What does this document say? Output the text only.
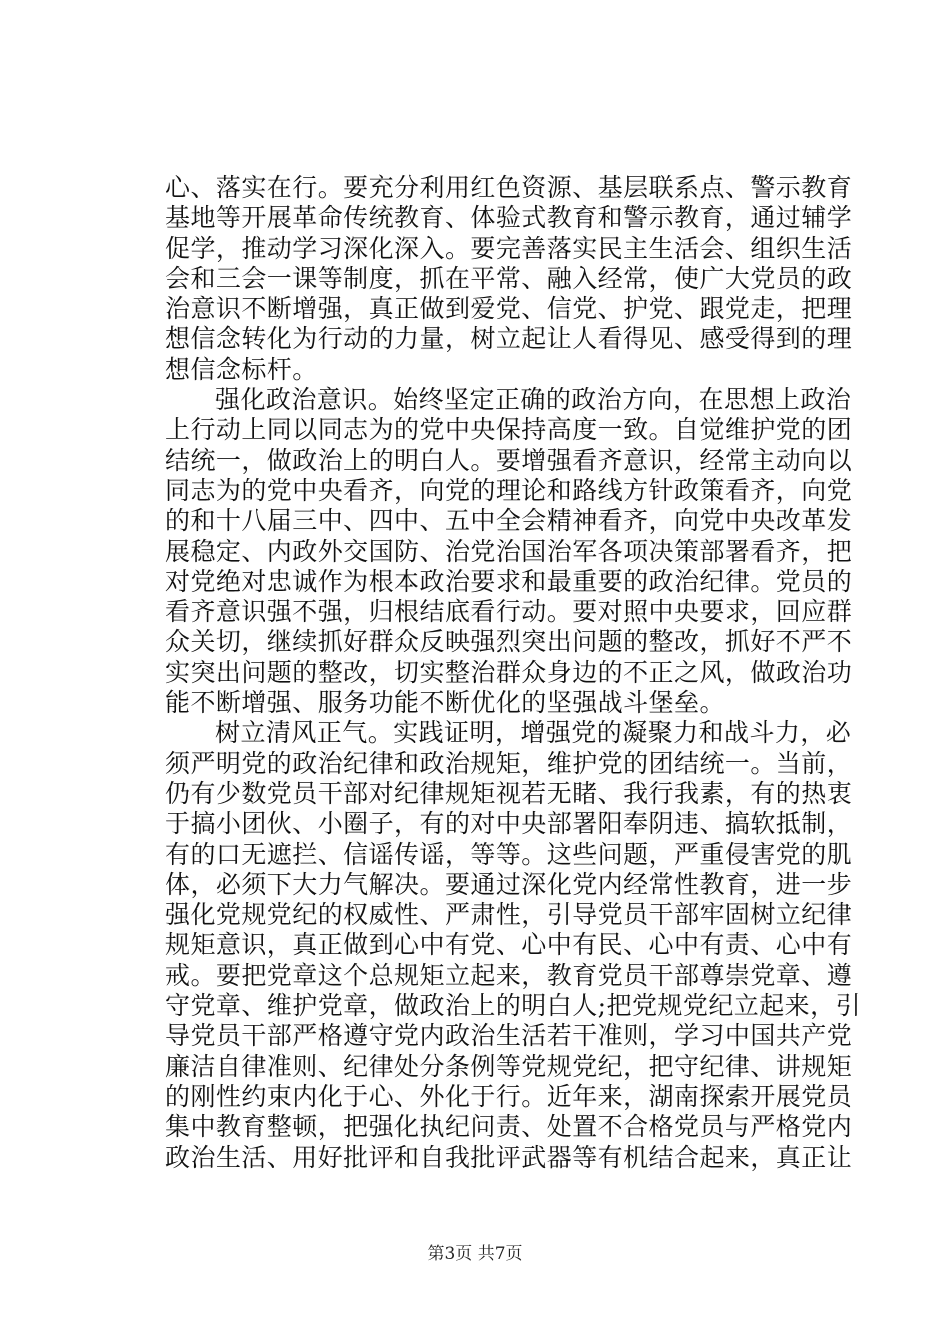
心、落实在行。要充分利用红色资源、基层联系点、警示教育
基地等开展革命传统教育、体验式教育和警示教育，通过辅学
促学，推动学习深化深入。要完善落实民主生活会、组织生活
会和三会一课等制度，抓在平常、融入经常，使广大党员的政
治意识不断增强，真正做到爱党、信党、护党、跟党走，把理
想信念转化为行动的力量，树立起让人看得见、感受得到的理
想信念标杆。
强化政治意识。始终坚定正确的政治方向，在思想上政治
上行动上同以同志为的党中央保持高度一致。自觉维护党的团
结统一，做政治上的明白人。要增强看齐意识，经常主动向以
同志为的党中央看齐，向党的理论和路线方针政策看齐，向党
的和十八届三中、四中、五中全会精神看齐，向党中央改革发
展稳定、内政外交国防、治党治国治军各项决策部署看齐，把
对党绝对忠诚作为根本政治要求和最重要的政治纪律。党员的
看齐意识强不强，归根结底看行动。要对照中央要求，回应群
众关切，继续抓好群众反映强烈突出问题的整改，抓好不严不
实突出问题的整改，切实整治群众身边的不正之风，做政治功
能不断增强、服务功能不断优化的坚强战斗堡垒。
树立清风正气。实践证明，增强党的凝聚力和战斗力，必
须严明党的政治纪律和政治规矩，维护党的团结统一。当前，
仍有少数党员干部对纪律规矩视若无睹、我行我素，有的热衷
于搞小团伙、小圈子，有的对中央部署阳奉阴违、搞软抵制，
有的口无遮拦、信谣传谣，等等。这些问题，严重侵害党的肌
体，必须下大力气解决。要通过深化党内经常性教育，进一步
强化党规党纪的权威性、严肃性，引导党员干部牢固树立纪律
规矩意识，真正做到心中有党、心中有民、心中有责、心中有
戒。要把党章这个总规矩立起来，教育党员干部尊崇党章、遵
守党章、维护党章，做政治上的明白人;把党规党纪立起来，引
导党员干部严格遵守党内政治生活若干准则，学习中国共产党
廉洁自律准则、纪律处分条例等党规党纪，把守纪律、讲规矩
的刚性约束内化于心、外化于行。近年来，湖南探索开展党员
集中教育整顿，把强化执纪问责、处置不合格党员与严格党内
政治生活、用好批评和自我批评武器等有机结合起来，真正让
第3页 共7页
